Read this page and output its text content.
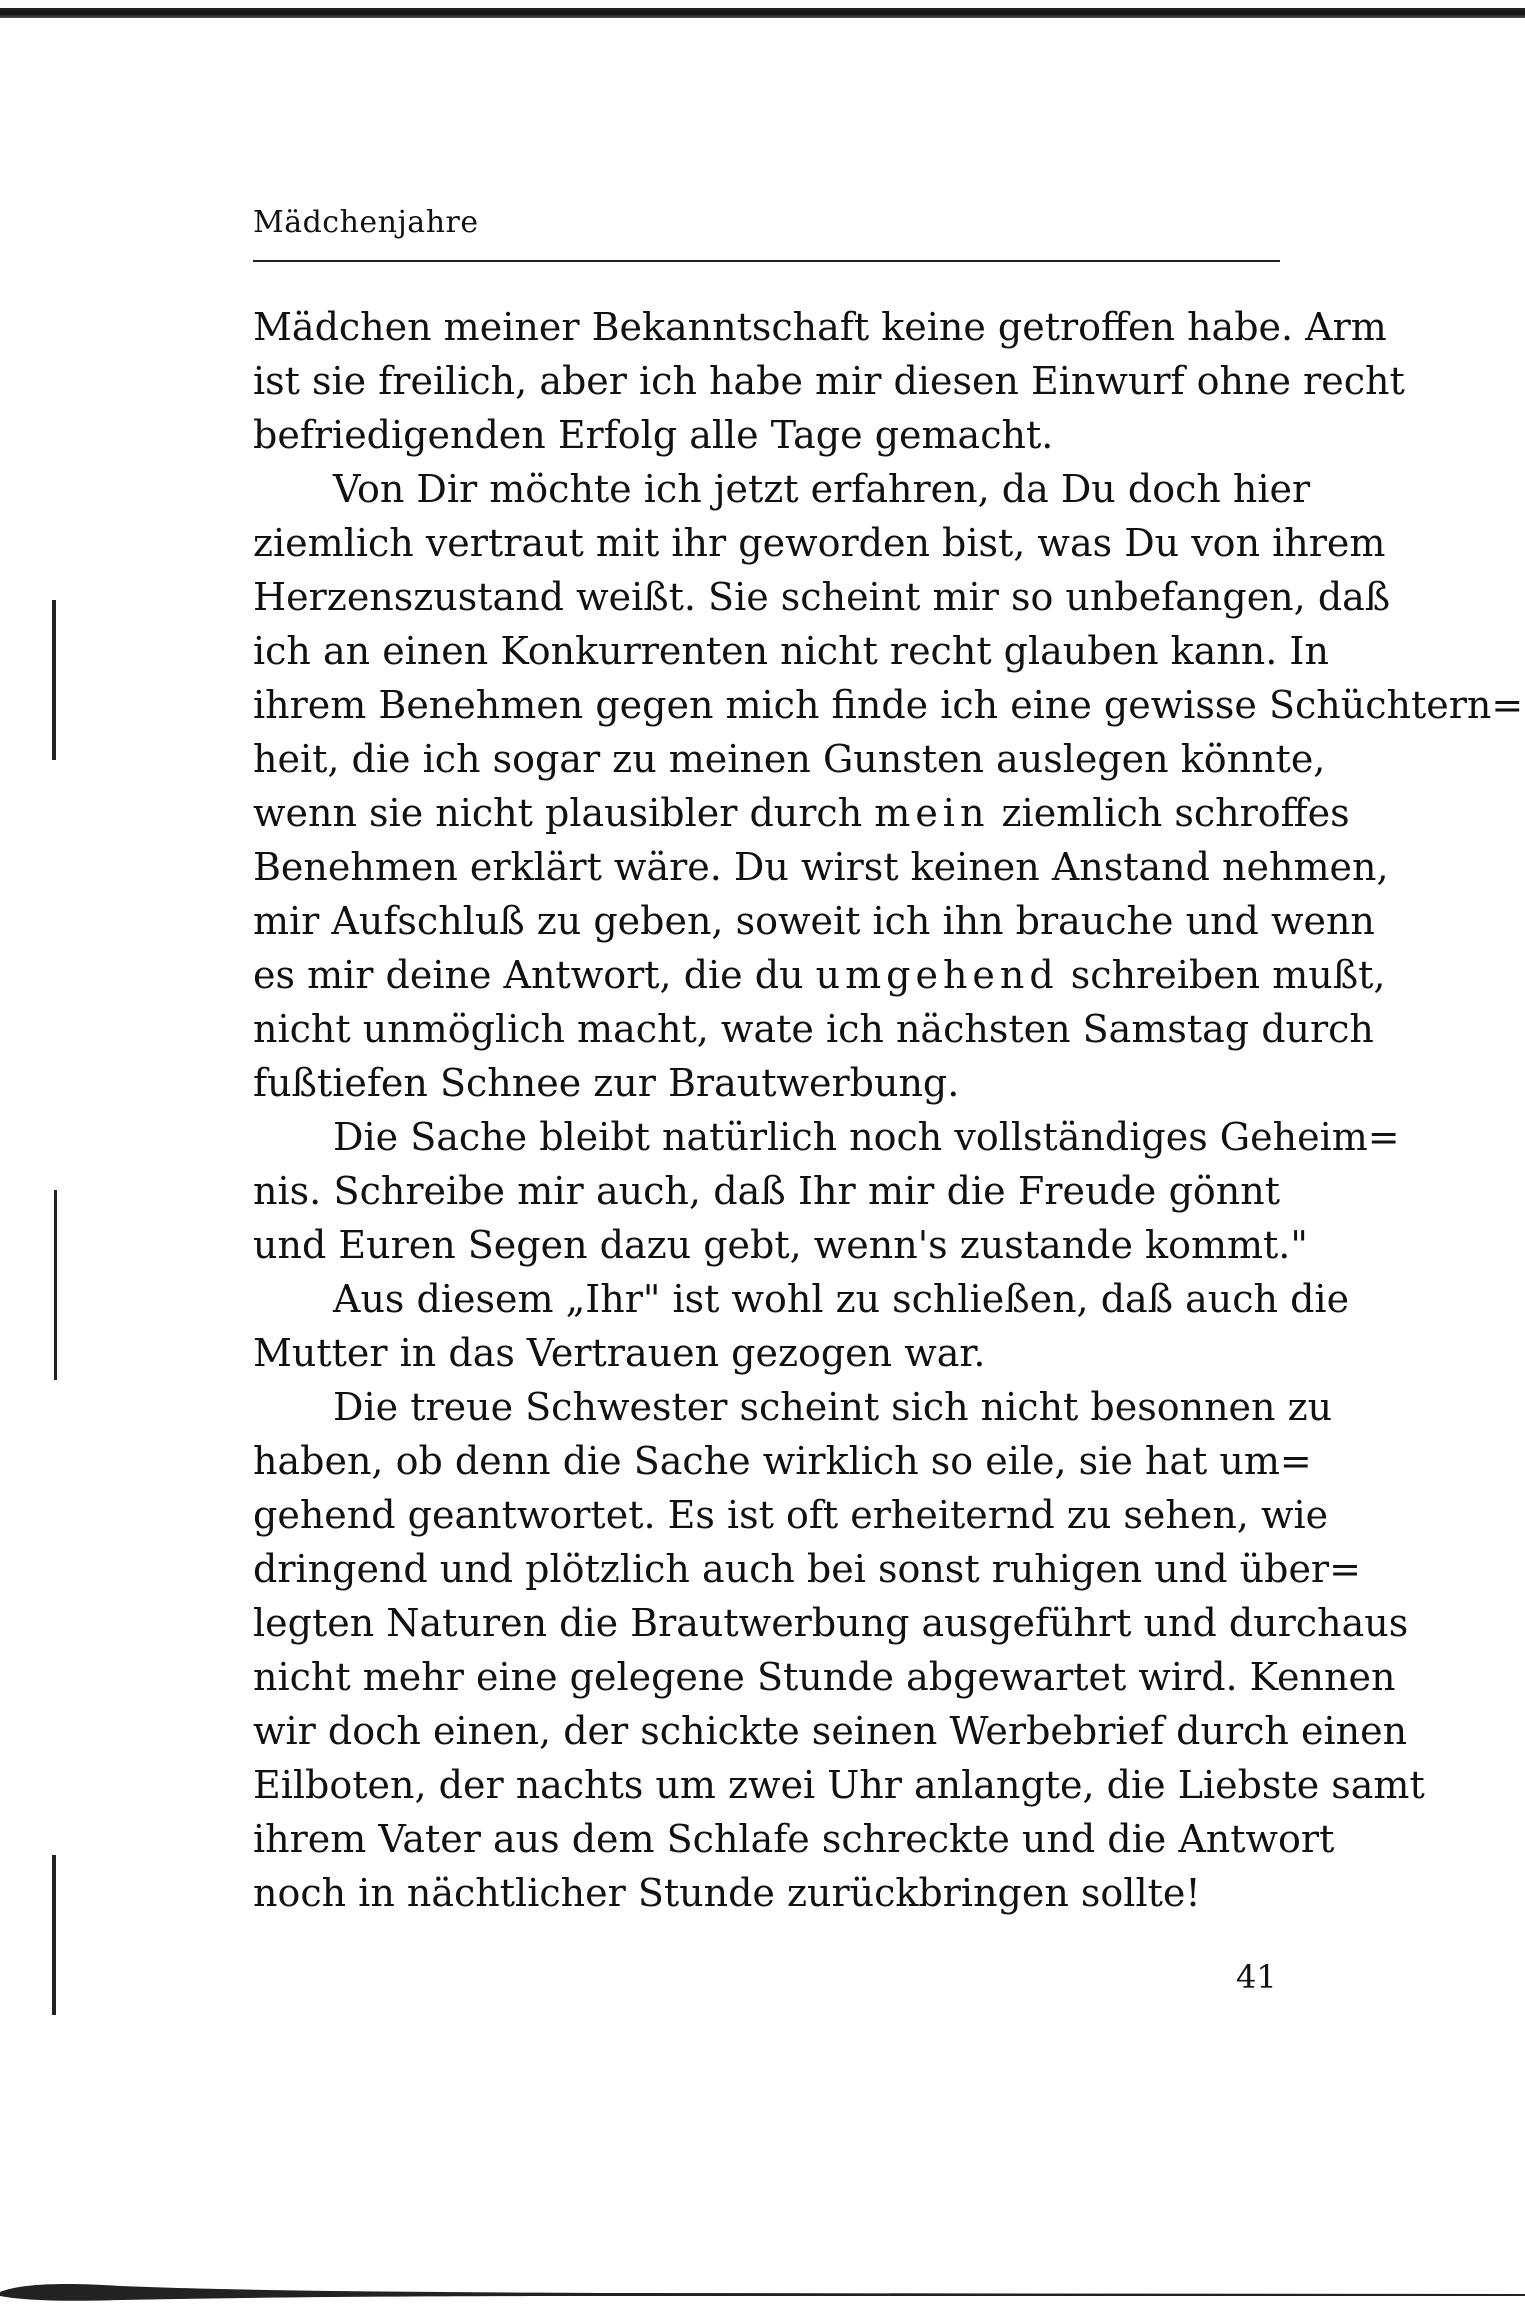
Mädchenjahre
Mädchen meiner Bekanntschaft keine getroffen habe. Arm
ist sie freilich, aber ich habe mir diesen Einwurf ohne recht
befriedigenden Erfolg alle Tage gemacht.
Von Dir möchte ich jetzt erfahren, da Du doch hier
ziemlich vertraut mit ihr geworden bist, was Du von ihrem
Herzenszustand weißt. Sie scheint mir so unbefangen, daß
ich an einen Konkurrenten nicht recht glauben kann. In
ihrem Benehmen gegen mich finde ich eine gewisse Schüchtern=
heit, die ich sogar zu meinen Gunsten auslegen könnte,
wenn sie nicht plausibler durch mein ziemlich schroffes
Benehmen erklärt wäre. Du wirst keinen Anstand nehmen,
mir Aufschluß zu geben, soweit ich ihn brauche und wenn
es mir deine Antwort, die du umgehend schreiben mußt,
nicht unmöglich macht, wate ich nächsten Samstag durch
fußtiefen Schnee zur Brautwerbung.
Die Sache bleibt natürlich noch vollständiges Geheim=
nis. Schreibe mir auch, daß Ihr mir die Freude gönnt
und Euren Segen dazu gebt, wenn's zustande kommt."
Aus diesem „Ihr" ist wohl zu schließen, daß auch die
Mutter in das Vertrauen gezogen war.
Die treue Schwester scheint sich nicht besonnen zu
haben, ob denn die Sache wirklich so eile, sie hat um=
gehend geantwortet. Es ist oft erheiternd zu sehen, wie
dringend und plötzlich auch bei sonst ruhigen und über=
legten Naturen die Brautwerbung ausgeführt und durchaus
nicht mehr eine gelegene Stunde abgewartet wird. Kennen
wir doch einen, der schickte seinen Werbebrief durch einen
Eilboten, der nachts um zwei Uhr anlangte, die Liebste samt
ihrem Vater aus dem Schlafe schreckte und die Antwort
noch in nächtlicher Stunde zurückbringen sollte!
41
